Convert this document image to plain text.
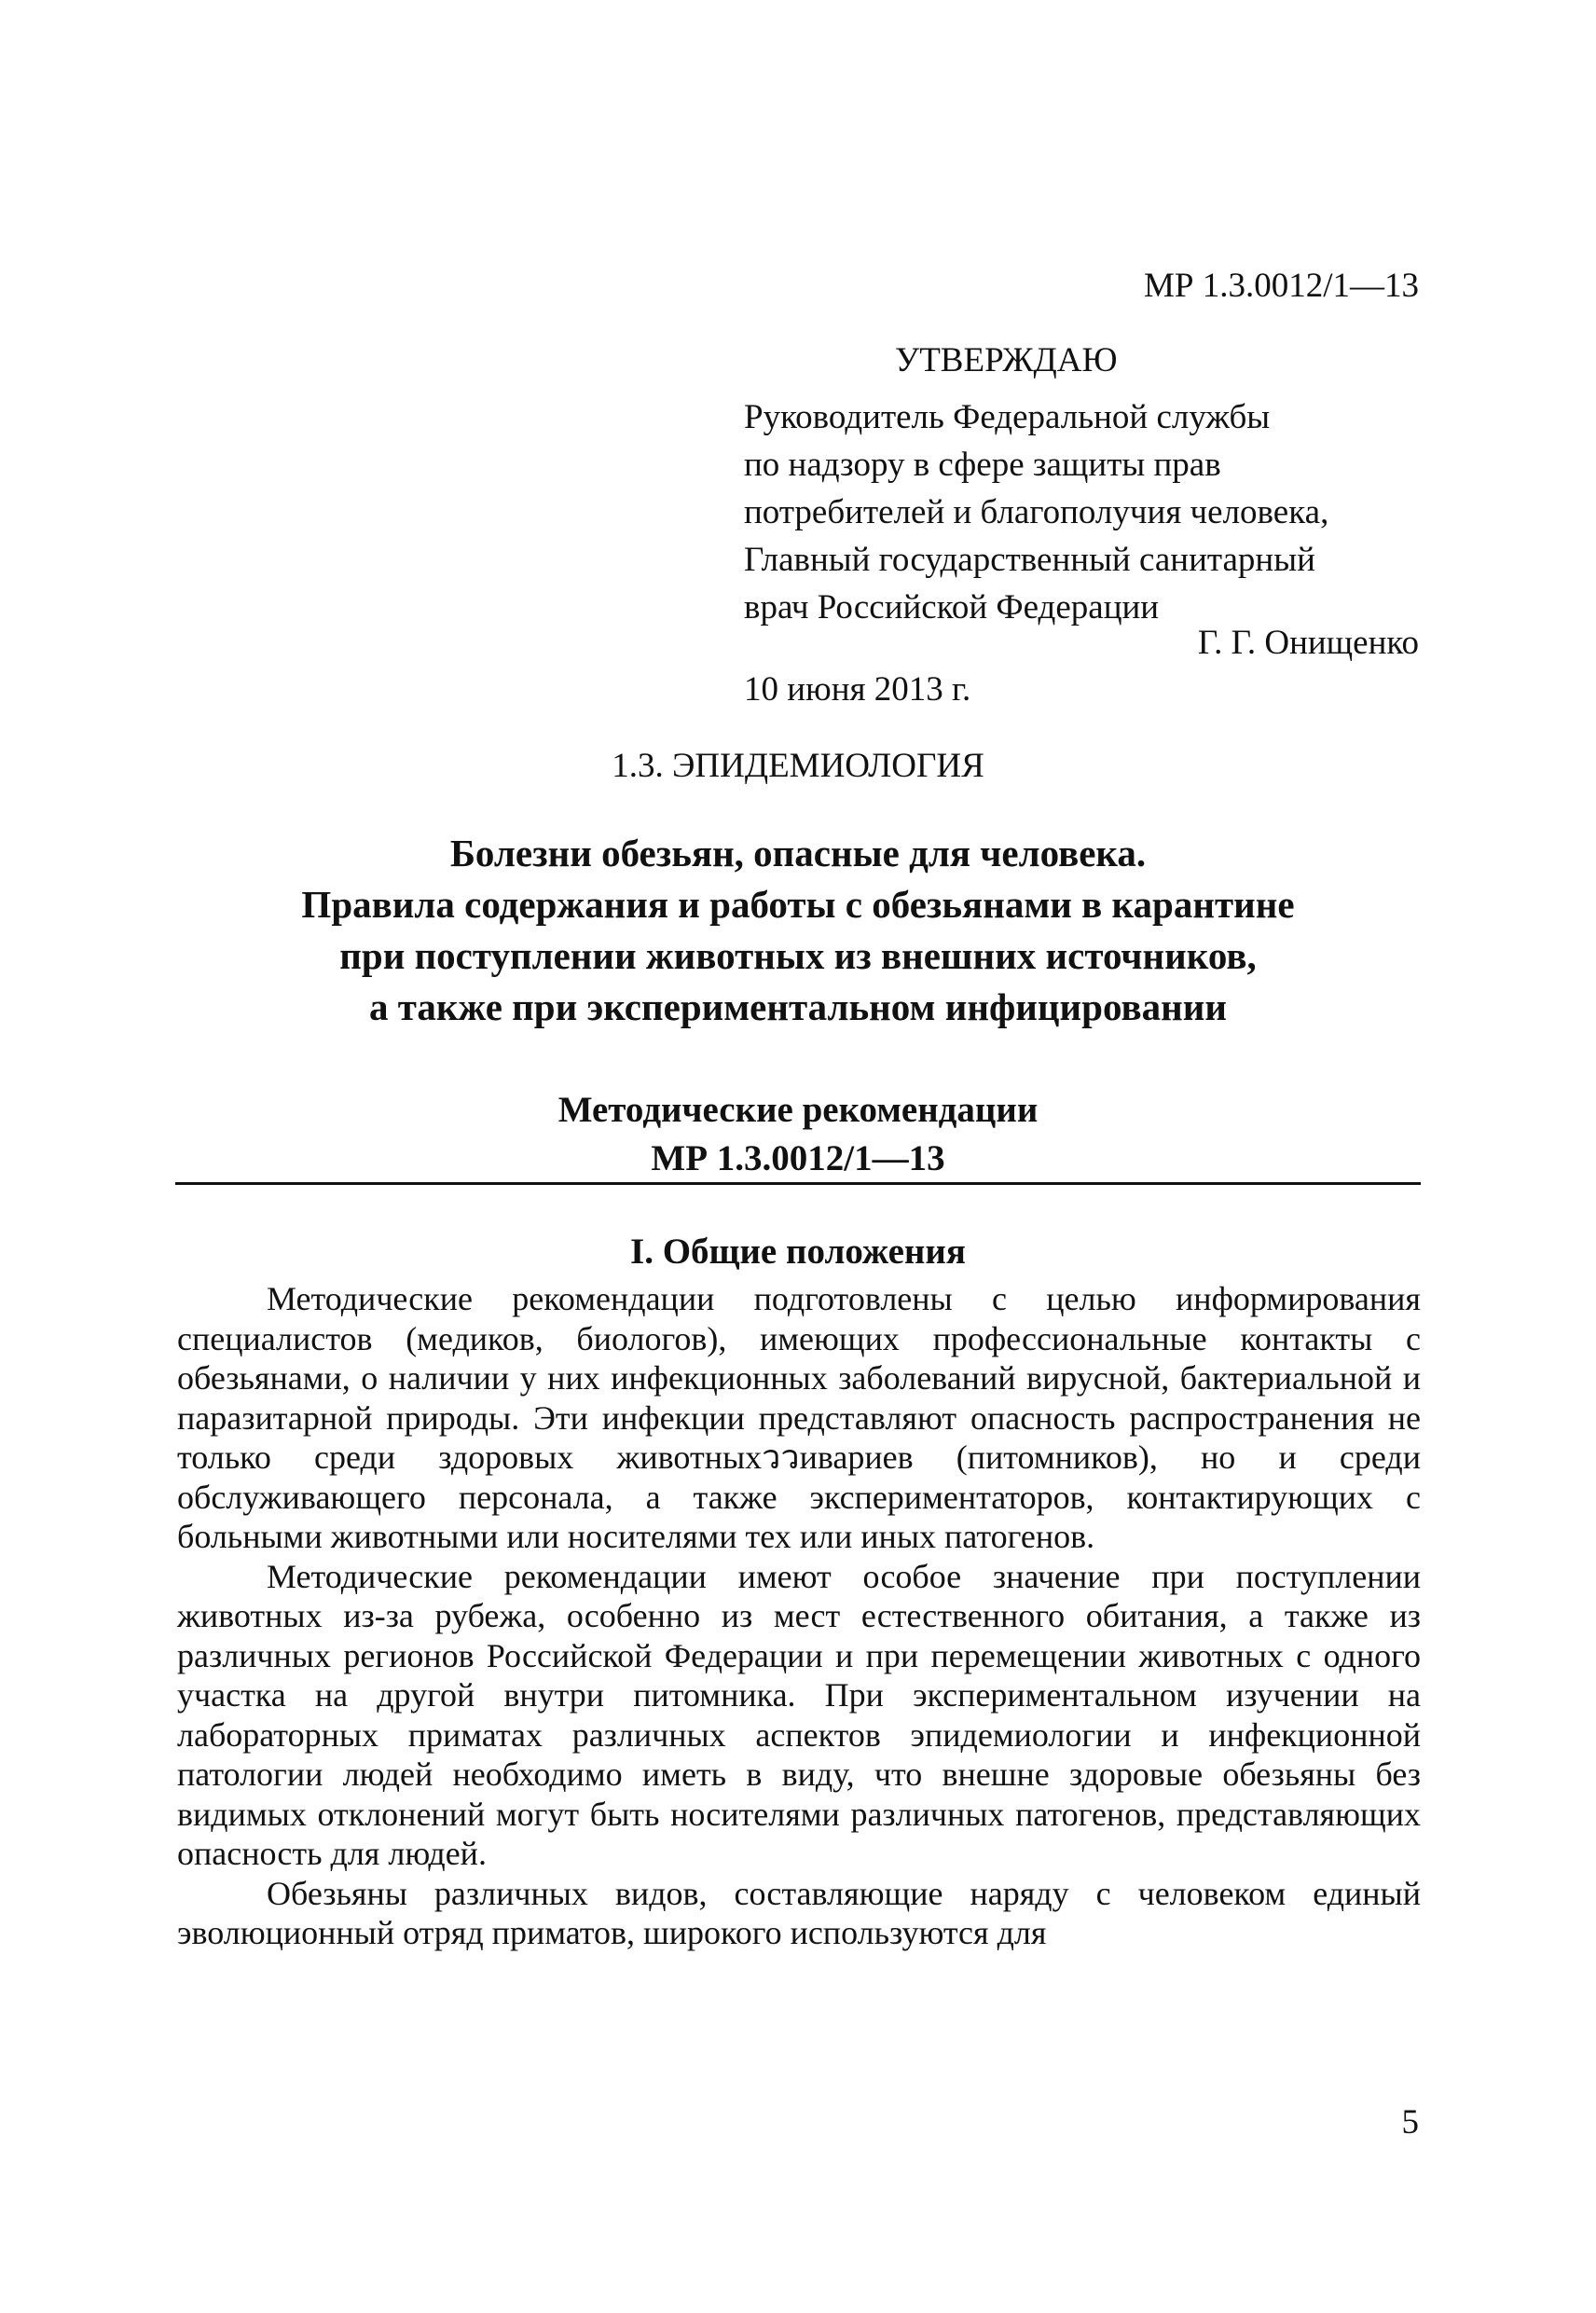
МР 1.3.0012/1—13
УТВЕРЖДАЮ
Руководитель Федеральной службы
по надзору в сфере защиты прав
потребителей и благополучия человека,
Главный государственный санитарный
врач Российской Федерации
Г. Г. Онищенко
10 июня 2013 г.
1.3. ЭПИДЕМИОЛОГИЯ
Болезни обезьян, опасные для человека.
Правила содержания и работы с обезьянами в карантине
при поступлении животных из внешних источников,
а также при экспериментальном инфицировании
Методические рекомендации
МР 1.3.0012/1—13
I. Общие положения

Методические рекомендации подготовлены с целью информирования специалистов (медиков, биологов), имеющих профессиональные контакты с обезьянами, о наличии у них инфекционных заболеваний вирусной, бактериальной и паразитарной природы. Эти инфекции представляют опасность распространения не только среди здоровых животныхววивариев (питомников), но и среди обслуживающего персонала, а также экспериментаторов, контактирующих с больными животными или носителями тех или иных патогенов.

Методические рекомендации имеют особое значение при поступлении животных из-за рубежа, особенно из мест естественного обитания, а также из различных регионов Российской Федерации и при перемещении животных с одного участка на другой внутри питомника. При экспериментальном изучении на лабораторных приматах различных аспектов эпидемиологии и инфекционной патологии людей необходимо иметь в виду, что внешне здоровые обезьяны без видимых отклонений могут быть носителями различных патогенов, представляющих опасность для людей.

Обезьяны различных видов, составляющие наряду с человеком единый эволюционный отряд приматов, широкого используются для

5
